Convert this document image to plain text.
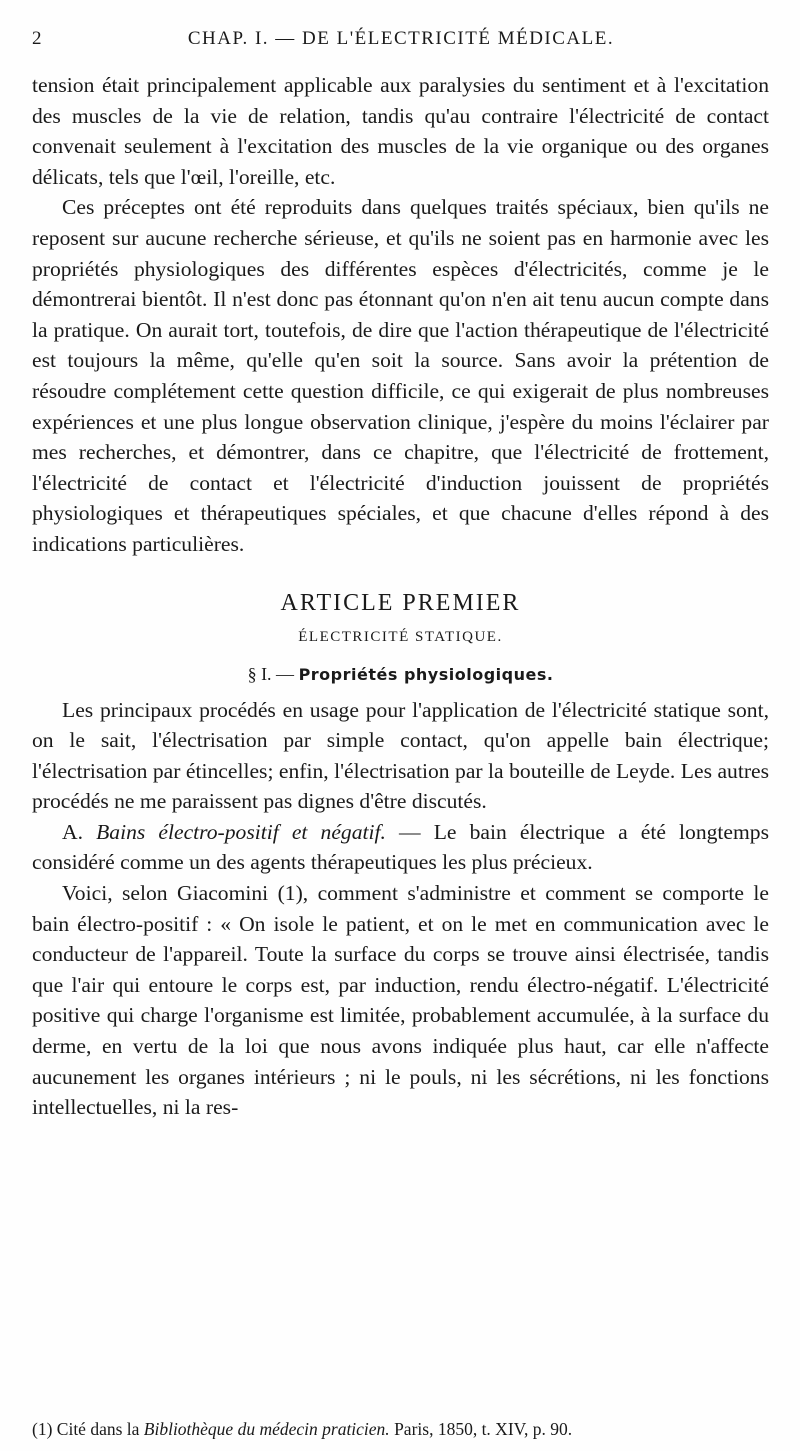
2	CHAP. I. — DE L'ÉLECTRICITÉ MÉDICALE.

tension était principalement applicable aux paralysies du sentiment et à l'excitation des muscles de la vie de relation, tandis qu'au contraire l'électricité de contact convenait seulement à l'excitation des muscles de la vie organique ou des organes délicats, tels que l'œil, l'oreille, etc.

Ces préceptes ont été reproduits dans quelques traités spéciaux, bien qu'ils ne reposent sur aucune recherche sérieuse, et qu'ils ne soient pas en harmonie avec les propriétés physiologiques des différentes espèces d'électricités, comme je le démontrerai bientôt. Il n'est donc pas étonnant qu'on n'en ait tenu aucun compte dans la pratique. On aurait tort, toutefois, de dire que l'action thérapeutique de l'électricité est toujours la même, qu'elle qu'en soit la source. Sans avoir la prétention de résoudre complétement cette question difficile, ce qui exigerait de plus nombreuses expériences et une plus longue observation clinique, j'espère du moins l'éclairer par mes recherches, et démontrer, dans ce chapitre, que l'électricité de frottement, l'électricité de contact et l'électricité d'induction jouissent de propriétés physiologiques et thérapeutiques spéciales, et que chacune d'elles répond à des indications particulières.

ARTICLE PREMIER
ÉLECTRICITÉ STATIQUE.
§ I. — Propriétés physiologiques.

Les principaux procédés en usage pour l'application de l'électricité statique sont, on le sait, l'électrisation par simple contact, qu'on appelle bain électrique; l'électrisation par étincelles; enfin, l'électrisation par la bouteille de Leyde. Les autres procédés ne me paraissent pas dignes d'être discutés.

A. Bains électro-positif et négatif. — Le bain électrique a été longtemps considéré comme un des agents thérapeutiques les plus précieux.

Voici, selon Giacomini (1), comment s'administre et comment se comporte le bain électro-positif : « On isole le patient, et on le met en communication avec le conducteur de l'appareil. Toute la surface du corps se trouve ainsi électrisée, tandis que l'air qui entoure le corps est, par induction, rendu électro-négatif. L'électricité positive qui charge l'organisme est limitée, probablement accumulée, à la surface du derme, en vertu de la loi que nous avons indiquée plus haut, car elle n'affecte aucunement les organes intérieurs ; ni le pouls, ni les sécrétions, ni les fonctions intellectuelles, ni la res-

(1) Cité dans la Bibliothèque du médecin praticien. Paris, 1850, t. XIV, p. 90.
